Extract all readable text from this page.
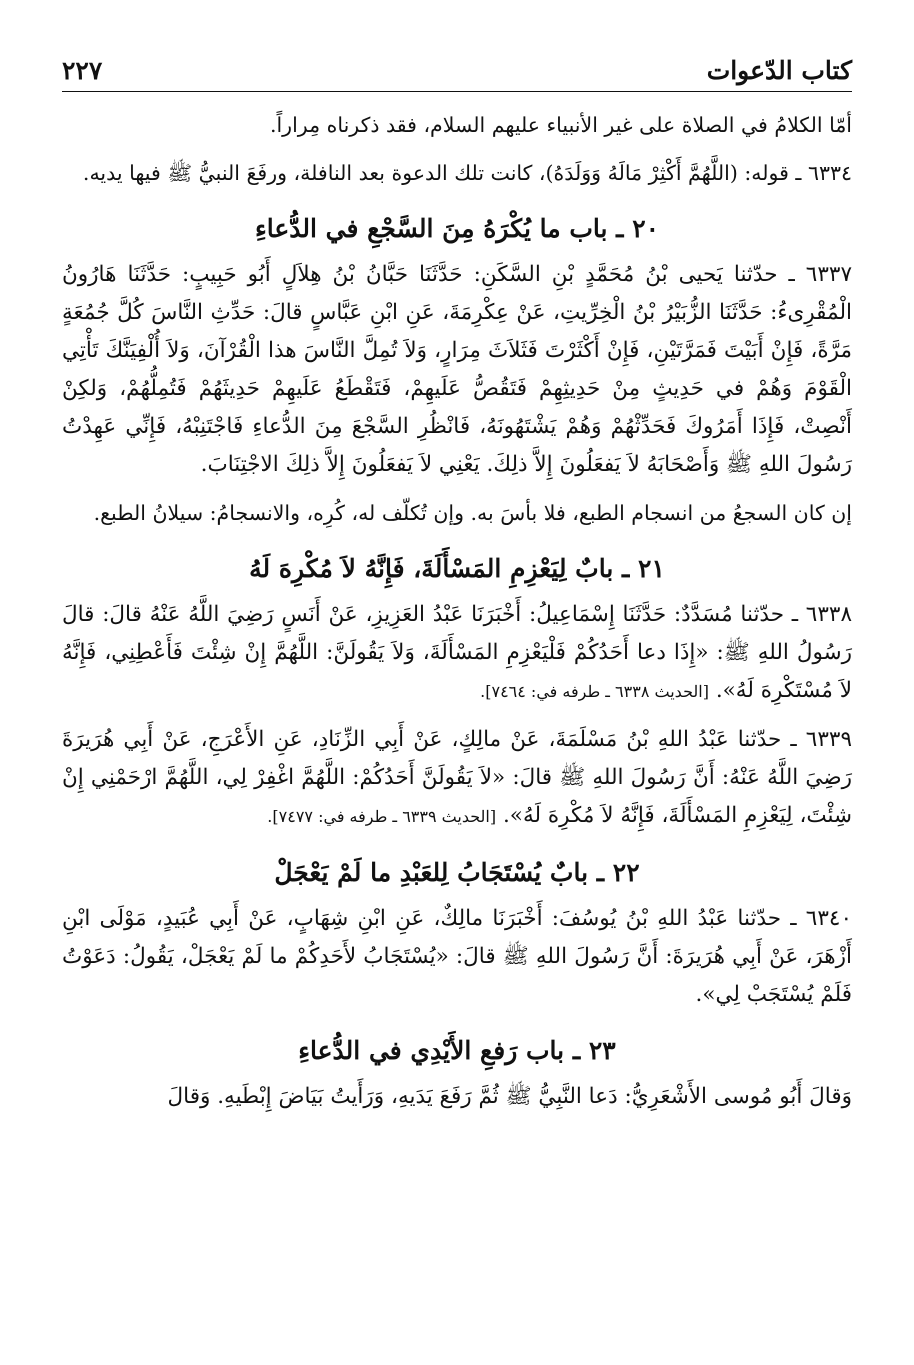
كتاب الدّعوات
٢٢٧

أمّا الكلامُ في الصلاة على غير الأنبياء عليهم السلام، فقد ذكرناه مِراراً.

٦٣٣٤ ـ قوله: (اللَّهُمَّ أَكْثِرْ مَالَهُ وَوَلَدَهُ)، كانت تلك الدعوة بعد النافلة، ورفَعَ النبيُّ ﷺ فيها يديه.

٢٠ ـ باب ما يُكْرَهُ مِنَ السَّجْعِ في الدُّعاءِ

٦٣٣٧ ـ حدّثنا يَحيى بْنُ مُحَمَّدٍ بْنِ السَّكَنِ: حَدَّثَنَا حَبَّانُ بْنُ هِلاَلٍ أَبُو حَبِيبٍ: حَدَّثَنَا هَارُونُ الْمُقْرِىءُ: حَدَّثَنَا الزُّبَيْرُ بْنُ الْخِرِّيتِ، عَنْ عِكْرِمَةَ، عَنِ ابْنِ عَبَّاسٍ قالَ: حَدِّثِ النَّاسَ كُلَّ جُمُعَةٍ مَرَّةً، فَإِنْ أَبَيْتَ فَمَرَّتَيْنِ، فَإِنْ أَكْثَرْتَ فَثَلاَثَ مِرَارٍ، وَلاَ تُمِلَّ النَّاسَ هذا الْقُرْآنَ، وَلاَ أُلْفِيَنَّكَ تَأْتِي الْقَوْمَ وَهُمْ في حَدِيثٍ مِنْ حَدِيثِهِمْ فَتَقُصُّ عَلَيهِمْ، فَتَقْطَعُ عَلَيهِمْ حَدِيثَهُمْ فَتُمِلُّهُمْ، وَلكِنْ أَنْصِتْ، فَإِذَا أَمَرُوكَ فَحَدِّثْهُمْ وَهُمْ يَشْتَهُونَهُ، فَانْظُرِ السَّجْعَ مِنَ الدُّعاءِ فَاجْتَنِبْهُ، فَإِنِّي عَهِدْتُ رَسُولَ اللهِ ﷺ وَأَصْحَابَهُ لاَ يَفعَلُونَ إِلاَّ ذلِكَ. يَعْنِي لاَ يَفعَلُونَ إِلاَّ ذلِكَ الاجْتِنَابَ.

إن كان السجعُ من انسجام الطبع، فلا بأسَ به. وإن تُكلّف له، كُرِه، والانسجامُ: سيلانُ الطبع.

٢١ ـ بابٌ لِيَعْزِمِ المَسْأَلَةَ، فَإِنَّهُ لاَ مُكْرِهَ لَهُ

٦٣٣٨ ـ حدّثنا مُسَدَّدٌ: حَدَّثَنَا إِسْمَاعِيلُ: أَخْبَرَنَا عَبْدُ العَزِيزِ، عَنْ أَنَسٍ رَضِيَ اللَّهُ عَنْهُ قالَ: قالَ رَسُولُ اللهِ ﷺ: «إِذَا دعا أَحَدُكُمْ فَلْيَعْزِمِ المَسْأَلَةَ، وَلاَ يَقُولَنَّ: اللَّهُمَّ إِنْ شِئْتَ فَأَعْطِنِي، فَإِنَّهُ لاَ مُسْتَكْرِهَ لَهُ». [الحديث ٦٣٣٨ ـ طرفه في: ٧٤٦٤].

٦٣٣٩ ـ حدّثنا عَبْدُ اللهِ بْنُ مَسْلَمَةَ، عَنْ مالِكٍ، عَنْ أَبِي الزِّنَادِ، عَنِ الأَعْرَجِ، عَنْ أَبِي هُرَيرَةَ رَضِيَ اللَّهُ عَنْهُ: أَنَّ رَسُولَ اللهِ ﷺ قالَ: «لاَ يَقُولَنَّ أَحَدُكُمْ: اللَّهُمَّ اغْفِرْ لِي، اللَّهُمَّ ارْحَمْنِي إِنْ شِئْتَ، لِيَعْزِمِ المَسْأَلَةَ، فَإِنَّهُ لاَ مُكْرِهَ لَهُ». [الحديث ٦٣٣٩ ـ طرفه في: ٧٤٧٧].

٢٢ ـ بابٌ يُسْتَجَابُ لِلعَبْدِ ما لَمْ يَعْجَلْ

٦٣٤٠ ـ حدّثنا عَبْدُ اللهِ بْنُ يُوسُفَ: أَخْبَرَنَا مالِكٌ، عَنِ ابْنِ شِهَابٍ، عَنْ أَبِي عُبَيدٍ، مَوْلَى ابْنِ أَزْهَرَ، عَنْ أَبِي هُرَيرَةَ: أَنَّ رَسُولَ اللهِ ﷺ قالَ: «يُسْتَجَابُ لأَحَدِكُمْ ما لَمْ يَعْجَلْ، يَقُولُ: دَعَوْتُ فَلَمْ يُسْتَجَبْ لِي».

٢٣ ـ باب رَفعِ الأَيْدِي في الدُّعاءِ

وَقالَ أَبُو مُوسى الأَشْعَرِيُّ: دَعا النَّبِيُّ ﷺ ثُمَّ رَفَعَ يَدَيهِ، وَرَأَيتُ بَيَاضَ إِبْطَيهِ. وَقالَ
